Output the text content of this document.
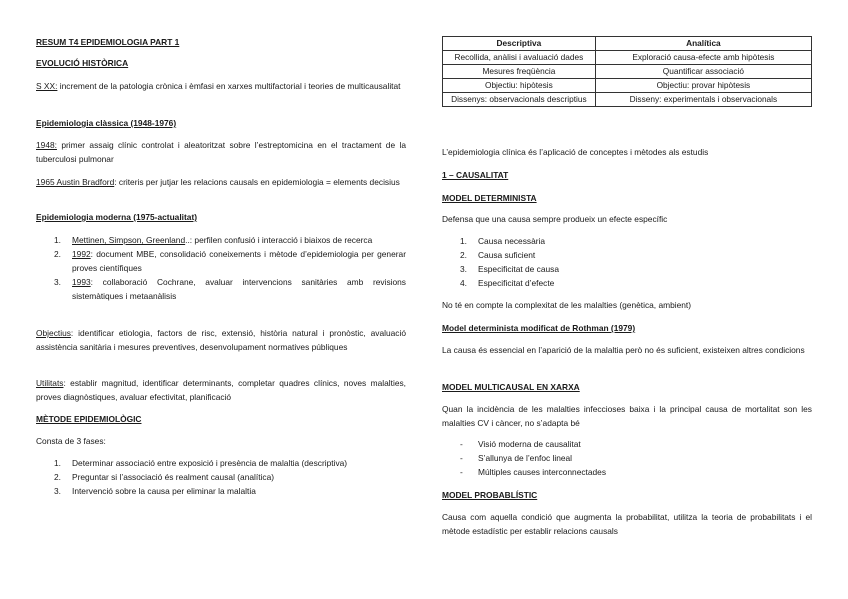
RESUM T4 EPIDEMIOLOGIA PART 1

EVOLUCIÓ HISTÒRICA

S XX: increment de la patologia crònica i èmfasi en xarxes multifactorial i teories de multicausalitat

Epidemiologia clàssica (1948-1976)

1948: primer assaig clínic controlat i aleatoritzat sobre l’estreptomicina en el tractament de la tuberculosi pulmonar

1965 Austin Bradford: criteris per jutjar les relacions causals en epidemiologia = elements decisius

Epidemiologia moderna (1975-actualitat)

1. Mettinen, Simpson, Greenland..: perfilen confusió i interacció i biaixos de recerca
2. 1992: document MBE, consolidació coneixements i mètode d’epidemiologia per generar proves científiques
3. 1993: collaboració Cochrane, avaluar intervencions sanitàries amb revisions sistemàtiques i metaanàlisis

Objectius: identificar etiologia, factors de risc, extensió, història natural i pronòstic, avaluació assistència sanitària i mesures preventives, desenvolupament normatives públiques

Utilitats: establir magnitud, identificar determinants, completar quadres clínics, noves malalties, proves diagnòstiques, avaluar efectivitat, planificació

MÈTODE EPIDEMIOLÒGIC

Consta de 3 fases:

1. Determinar associació entre exposició i presència de malaltia (descriptiva)
2. Preguntar si l’associació és realment causal (analítica)
3. Intervenció sobre la causa per eliminar la malaltia
Descriptiva	Analítica
Recollida, anàlisi i avaluació dades	Exploració causa-efecte amb hipòtesis
Mesures freqüència	Quantificar associació
Objectiu: hipòtesis	Objectiu: provar hipòtesis
Dissenys: observacionals descriptius	Disseny: experimentals i observacionals

L’epidemiologia clínica és l’aplicació de conceptes i mètodes als estudis

1 – CAUSALITAT

MODEL DETERMINISTA

Defensa que una causa sempre produeix un efecte específic

1. Causa necessària
2. Causa suficient
3. Especificitat de causa
4. Especificitat d’efecte

No té en compte la complexitat de les malalties (genètica, ambient)

Model determinista modificat de Rothman (1979)

La causa és essencial en l’aparició de la malaltia però no és suficient, existeixen altres condicions

MODEL MULTICAUSAL EN XARXA

Quan la incidència de les malalties infeccioses baixa i la principal causa de mortalitat son les malalties CV i càncer, no s’adapta bé

- Visió moderna de causalitat
- S’allunya de l’enfoc lineal
- Múltiples causes interconnectades

MODEL PROBABLÍSTIC

Causa com aquella condició que augmenta la probabilitat, utilitza la teoria de probabilitats i el mètode estadístic per establir relacions causals
